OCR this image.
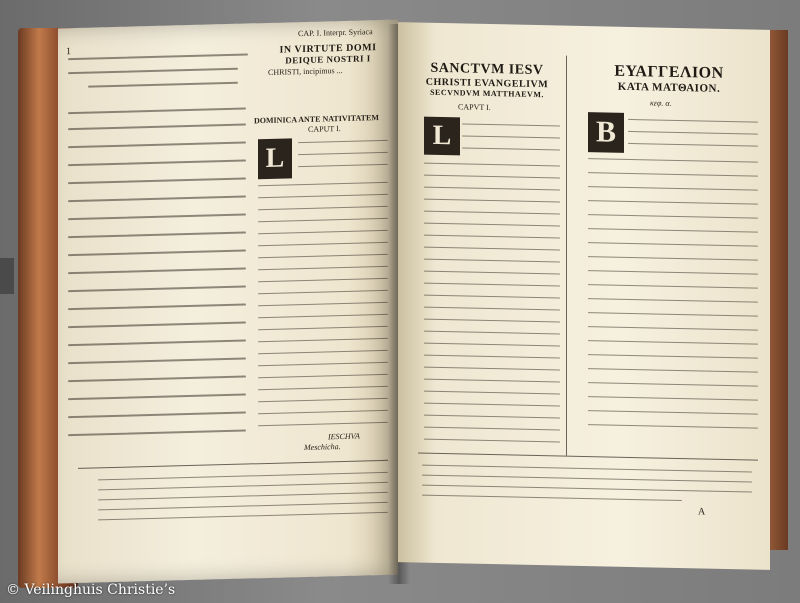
1
CAP. I. Interpr. Syriaca
IN VIRTUTE DOMI
DEIQUE NOSTRI I
CHRISTI, incipimus ...
DOMINICA ANTE NATIVITATEM
CAPUT I.
L
IESCHVA
Meschicha.
SANCTVM IESV
CHRISTI EVANGELIVM
SECVNDVM MATTHAEVM.
CAPVT I.
L
ΕΥΑΓΓΕΛΙΟΝ
ΚΑΤΑ ΜΑΤΘΑΙΟΝ.
κεφ. α.
Β
A
© Veilinghuis Christie’s
